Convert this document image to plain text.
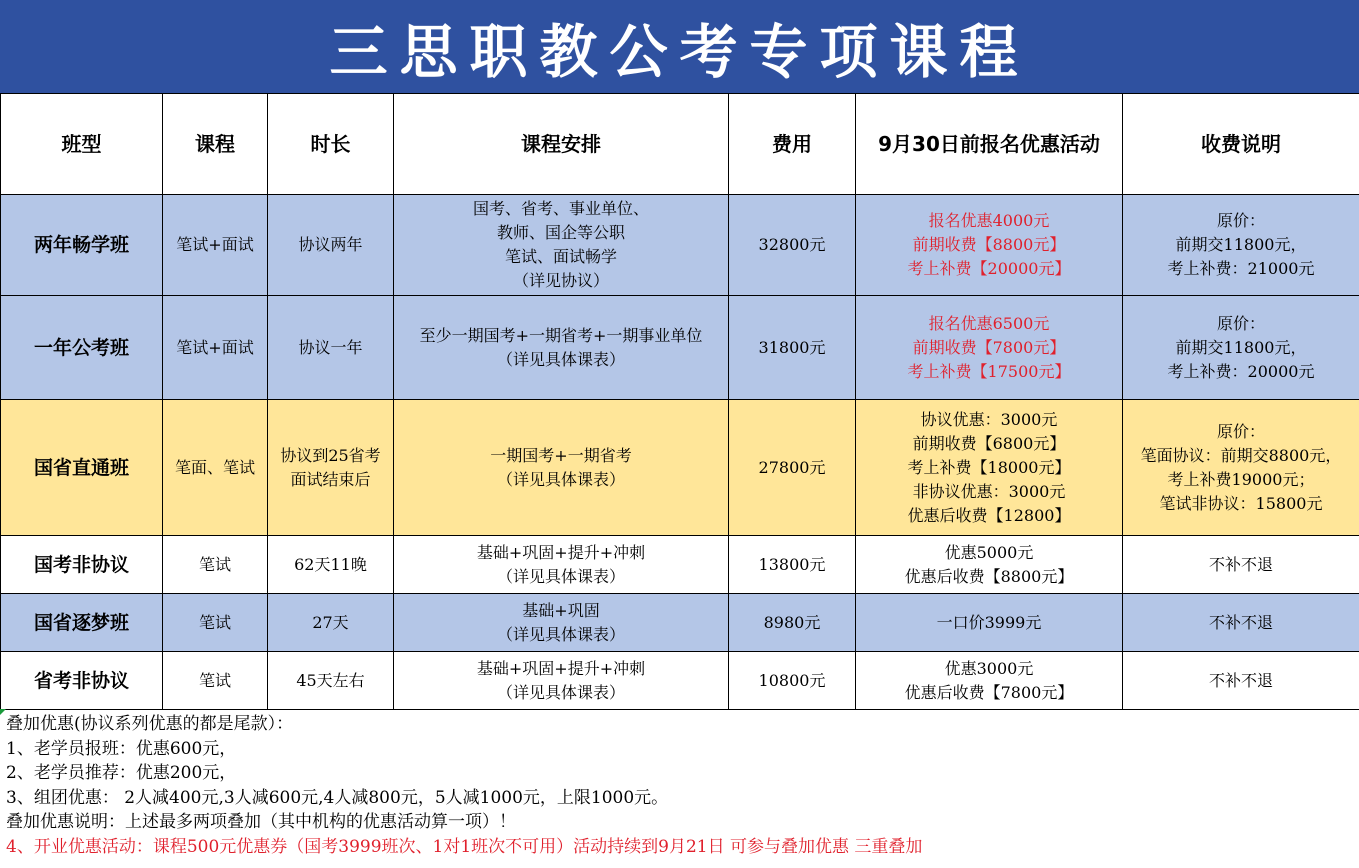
三思职教公考专项课程
班型	课程	时长	课程安排	费用	9月30日前报名优惠活动	收费说明
两年畅学班	笔试+面试	协议两年	国考、省考、事业单位、
教师、国企等公职
笔试、面试畅学
（详见协议）	32800元	报名优惠4000元
前期收费【8800元】
考上补费【20000元】	原价：
前期交11800元，
考上补费：21000元

一年公考班	笔试+面试	协议一年	至少一期国考+一期省考+一期事业单位
（详见具体课表）	31800元	报名优惠6500元
前期收费【7800元】
考上补费【17500元】	原价：
前期交11800元，
考上补费：20000元

国省直通班	笔面、笔试	协议到25省考
面试结束后	一期国考+一期省考
（详见具体课表）	27800元	协议优惠：3000元
前期收费【6800元】
考上补费【18000元】
非协议优惠：3000元
优惠后收费【12800】	原价：
笔面协议：前期交8800元，
考上补费19000元；
笔试非协议：15800元

国考非协议	笔试	62天11晚	基础+巩固+提升+冲刺
（详见具体课表）	13800元	优惠5000元
优惠后收费【8800元】	不补不退

国省逐梦班	笔试	27天	基础+巩固
（详见具体课表）	8980元	一口价3999元	不补不退

省考非协议	笔试	45天左右	基础+巩固+提升+冲刺
（详见具体课表）	10800元	优惠3000元
优惠后收费【7800元】	不补不退
叠加优惠(协议系列优惠的都是尾款）：
1、老学员报班：优惠600元，
2、老学员推荐：优惠200元，
3、组团优惠： 2人减400元,3人减600元,4人减800元，5人减1000元，上限1000元。
叠加优惠说明：上述最多两项叠加（其中机构的优惠活动算一项）！
4、开业优惠活动：课程500元优惠券（国考3999班次、1对1班次不可用）活动持续到9月21日 可参与叠加优惠 三重叠加
